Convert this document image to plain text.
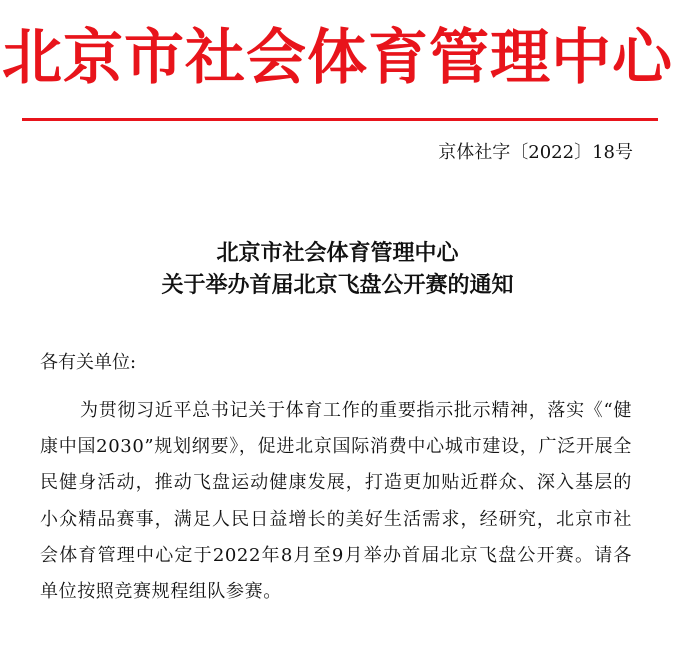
北京市社会体育管理中心
京体社字〔2022〕18号
北京市社会体育管理中心
关于举办首届北京飞盘公开赛的通知
各有关单位:

为贯彻习近平总书记关于体育工作的重要指示批示精神，落实《“健康中国2030”规划纲要》，促进北京国际消费中心城市建设，广泛开展全民健身活动，推动飞盘运动健康发展，打造更加贴近群众、深入基层的小众精品赛事，满足人民日益增长的美好生活需求，经研究，北京市社会体育管理中心定于2022年8月至9月举办首届北京飞盘公开赛。请各单位按照竞赛规程组队参赛。
